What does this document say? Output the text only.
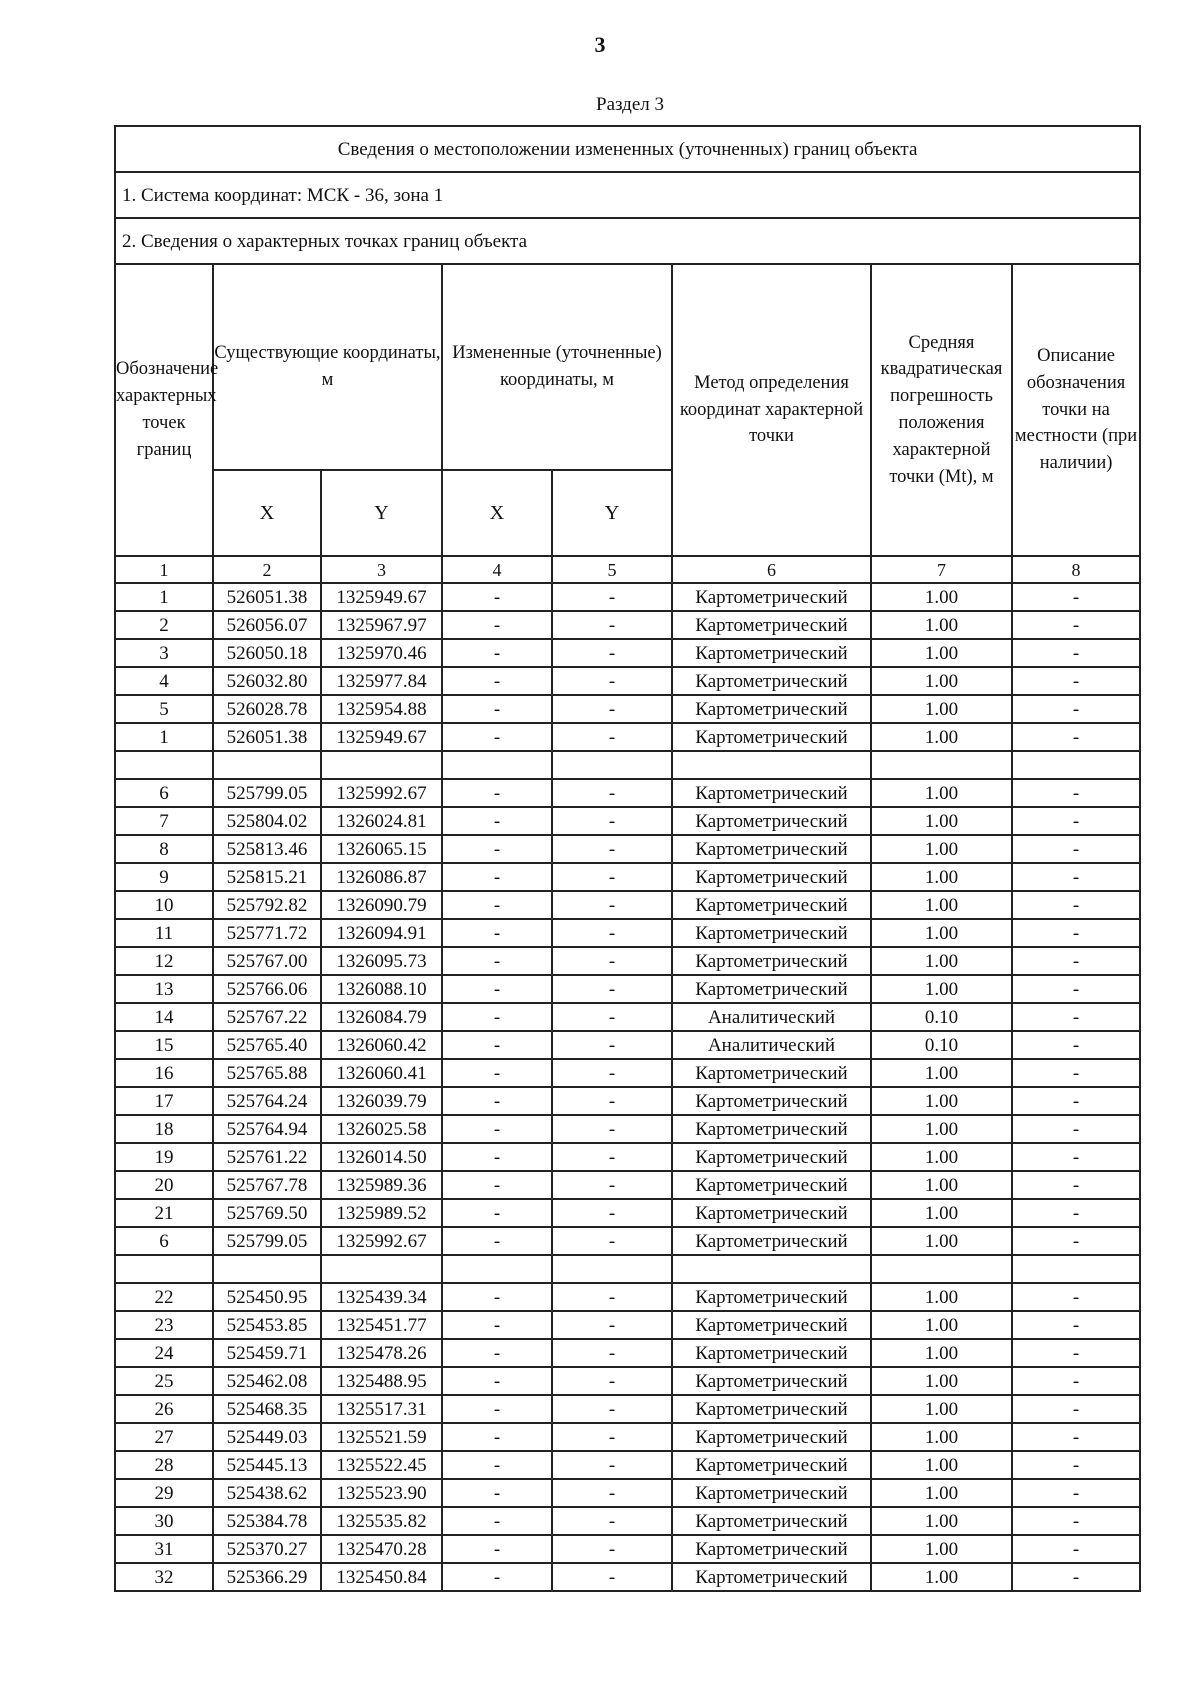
3
Раздел 3
Сведения о местоположении измененных (уточненных) границ объекта							
1. Система координат: МСК - 36, зона 1							
2. Сведения о характерных точках границ объекта							
Обозначение характерных точек границ	Существующие координаты, м		Измененные (уточненные) координаты, м		Метод определения координат характерной точки	Средняя квадратическая погрешность положения характерной точки (Mt), м	Описание обозначения точки на местности (при наличии)
	X	Y	X	Y			
1	2	3	4	5	6	7	8
1	526051.38	1325949.67	-	-	Картометрический	1.00	-
2	526056.07	1325967.97	-	-	Картометрический	1.00	-
3	526050.18	1325970.46	-	-	Картометрический	1.00	-
4	526032.80	1325977.84	-	-	Картометрический	1.00	-
5	526028.78	1325954.88	-	-	Картометрический	1.00	-
1	526051.38	1325949.67	-	-	Картометрический	1.00	-

6	525799.05	1325992.67	-	-	Картометрический	1.00	-
7	525804.02	1326024.81	-	-	Картометрический	1.00	-
8	525813.46	1326065.15	-	-	Картометрический	1.00	-
9	525815.21	1326086.87	-	-	Картометрический	1.00	-
10	525792.82	1326090.79	-	-	Картометрический	1.00	-
11	525771.72	1326094.91	-	-	Картометрический	1.00	-
12	525767.00	1326095.73	-	-	Картометрический	1.00	-
13	525766.06	1326088.10	-	-	Картометрический	1.00	-
14	525767.22	1326084.79	-	-	Аналитический	0.10	-
15	525765.40	1326060.42	-	-	Аналитический	0.10	-
16	525765.88	1326060.41	-	-	Картометрический	1.00	-
17	525764.24	1326039.79	-	-	Картометрический	1.00	-
18	525764.94	1326025.58	-	-	Картометрический	1.00	-
19	525761.22	1326014.50	-	-	Картометрический	1.00	-
20	525767.78	1325989.36	-	-	Картометрический	1.00	-
21	525769.50	1325989.52	-	-	Картометрический	1.00	-
6	525799.05	1325992.67	-	-	Картометрический	1.00	-

22	525450.95	1325439.34	-	-	Картометрический	1.00	-
23	525453.85	1325451.77	-	-	Картометрический	1.00	-
24	525459.71	1325478.26	-	-	Картометрический	1.00	-
25	525462.08	1325488.95	-	-	Картометрический	1.00	-
26	525468.35	1325517.31	-	-	Картометрический	1.00	-
27	525449.03	1325521.59	-	-	Картометрический	1.00	-
28	525445.13	1325522.45	-	-	Картометрический	1.00	-
29	525438.62	1325523.90	-	-	Картометрический	1.00	-
30	525384.78	1325535.82	-	-	Картометрический	1.00	-
31	525370.27	1325470.28	-	-	Картометрический	1.00	-
32	525366.29	1325450.84	-	-	Картометрический	1.00	-
